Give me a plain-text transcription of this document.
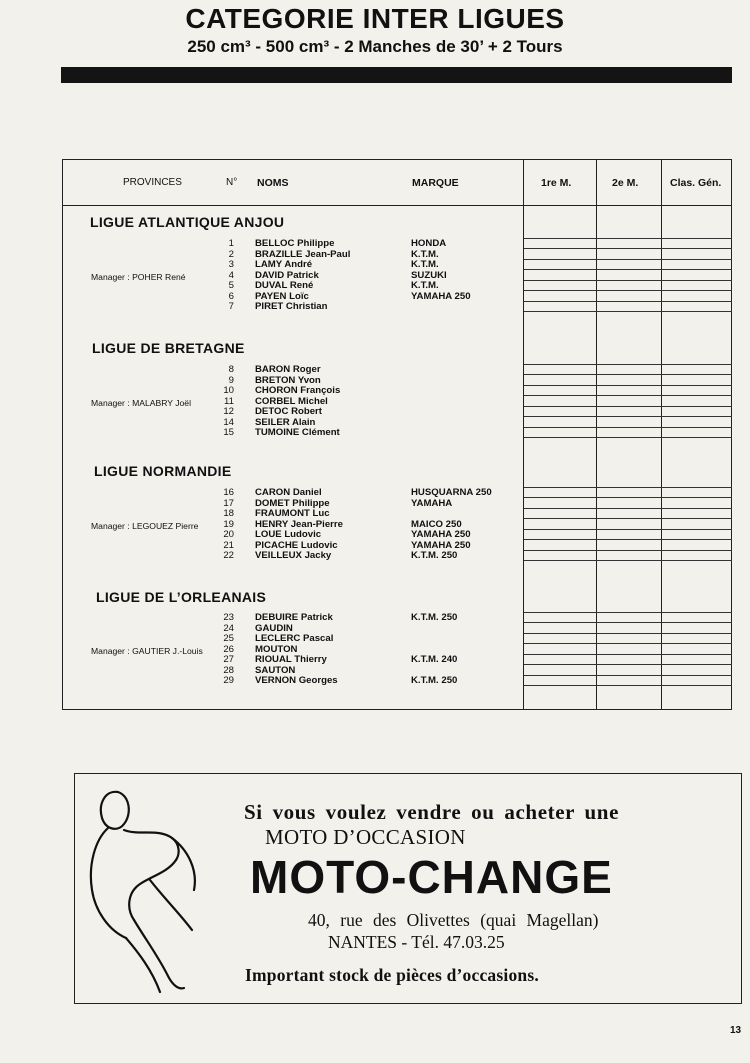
CATEGORIE INTER LIGUES
250 cm³ - 500 cm³ - 2 Manches de 30’ + 2 Tours
PROVINCES	N° NOMS	MARQUE	1re M.	2e M.	Clas. Gén.
LIGUE ATLANTIQUE ANJOU
Manager : POHER René
1 BELLOC Philippe	HONDA
2 BRAZILLE Jean-Paul	K.T.M.
3 LAMY André	K.T.M.
4 DAVID Patrick	SUZUKI
5 DUVAL René	K.T.M.
6 PAYEN Loïc	YAMAHA 250
7 PIRET Christian
LIGUE DE BRETAGNE
Manager : MALABRY Joël
8 BARON Roger
9 BRETON Yvon
10 CHORON François
11 CORBEL Michel
12 DETOC Robert
14 SEILER Alain
15 TUMOINE Clément
LIGUE NORMANDIE
Manager : LEGOUEZ Pierre
16 CARON Daniel	HUSQUARNA 250
17 DOMET Philippe	YAMAHA
18 FRAUMONT Luc
19 HENRY Jean-Pierre	MAICO 250
20 LOUE Ludovic	YAMAHA 250
21 PICACHE Ludovic	YAMAHA 250
22 VEILLEUX Jacky	K.T.M. 250
LIGUE DE L’ORLEANAIS
Manager : GAUTIER J.-Louis
23 DEBUIRE Patrick	K.T.M. 250
24 GAUDIN
25 LECLERC Pascal
26 MOUTON
27 RIOUAL Thierry	K.T.M. 240
28 SAUTON
29 VERNON Georges	K.T.M. 250
Si vous voulez vendre ou acheter une
MOTO D’OCCASION
MOTO-CHANGE
40, rue des Olivettes (quai Magellan)
NANTES - Tél. 47.03.25
Important stock de pièces d’occasions.
13
